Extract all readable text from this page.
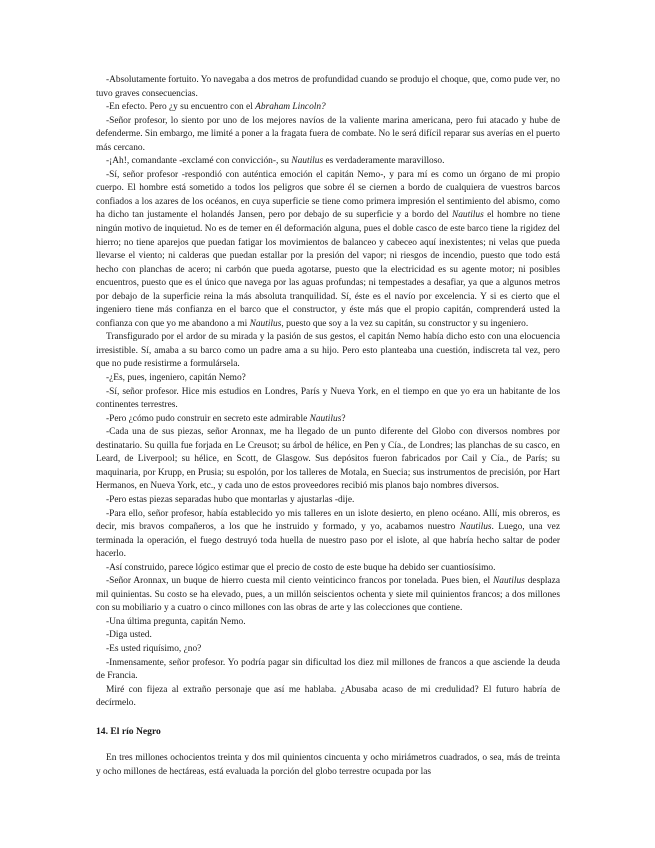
-Absolutamente fortuito. Yo navegaba a dos metros de profundidad cuando se produjo el choque, que, como pude ver, no tuvo graves consecuencias.

-En efecto. Pero ¿y su encuentro con el Abraham Lincoln?

-Señor profesor, lo siento por uno de los mejores navíos de la valiente marina americana, pero fui atacado y hube de defenderme. Sin embargo, me limité a poner a la fragata fuera de combate. No le será difícil reparar sus averías en el puerto más cercano.

-¡Ah!, comandante -exclamé con convicción-, su Nautilus es verdaderamente maravilloso.

-Sí, señor profesor -respondió con auténtica emoción el capitán Nemo-, y para mí es como un órgano de mi propio cuerpo. El hombre está sometido a todos los peligros que sobre él se ciernen a bordo de cualquiera de vuestros barcos confiados a los azares de los océanos, en cuya superficie se tiene como primera impresión el sentimiento del abismo, como ha dicho tan justamente el holandés Jansen, pero por debajo de su superficie y a bordo del Nautilus el hombre no tiene ningún motivo de inquietud. No es de temer en él deformación alguna, pues el doble casco de este barco tiene la rigidez del hierro; no tiene aparejos que puedan fatigar los movimientos de balanceo y cabeceo aquí inexistentes; ni velas que pueda llevarse el viento; ni calderas que puedan estallar por la presión del vapor; ni riesgos de incendio, puesto que todo está hecho con planchas de acero; ni carbón que pueda agotarse, puesto que la electricidad es su agente motor; ni posibles encuentros, puesto que es el único que navega por las aguas profundas; ni tempestades a desafiar, ya que a algunos metros por debajo de la superficie reina la más absoluta tranquilidad. Sí, éste es el navío por excelencia. Y si es cierto que el ingeniero tiene más confianza en el barco que el constructor, y éste más que el propio capitán, comprenderá usted la confianza con que yo me abandono a mi Nautilus, puesto que soy a la vez su capitán, su constructor y su ingeniero.

Transfigurado por el ardor de su mirada y la pasión de sus gestos, el capitán Nemo había dicho esto con una elocuencia irresistible. Sí, amaba a su barco como un padre ama a su hijo. Pero esto planteaba una cuestión, indiscreta tal vez, pero que no pude resistirme a formulársela.

-¿Es, pues, ingeniero, capitán Nemo?

-Sí, señor profesor. Hice mis estudios en Londres, París y Nueva York, en el tiempo en que yo era un habitante de los continentes terrestres.

-Pero ¿cómo pudo construir en secreto este admirable Nautilus?

-Cada una de sus piezas, señor Aronnax, me ha llegado de un punto diferente del Globo con diversos nombres por destinatario. Su quilla fue forjada en Le Creusot; su árbol de hélice, en Pen y Cía., de Londres; las planchas de su casco, en Leard, de Liverpool; su hélice, en Scott, de Glasgow. Sus depósitos fueron fabricados por Cail y Cía., de París; su maquinaria, por Krupp, en Prusia; su espolón, por los talleres de Motala, en Suecia; sus instrumentos de precisión, por Hart Hermanos, en Nueva York, etc., y cada uno de estos proveedores recibió mis planos bajo nombres diversos.

-Pero estas piezas separadas hubo que montarlas y ajustarlas -dije.

-Para ello, señor profesor, había establecido yo mis talleres en un islote desierto, en pleno océano. Allí, mis obreros, es decir, mis bravos compañeros, a los que he instruido y formado, y yo, acabamos nuestro Nautilus. Luego, una vez terminada la operación, el fuego destruyó toda huella de nuestro paso por el islote, al que habría hecho saltar de poder hacerlo.

-Así construido, parece lógico estimar que el precio de costo de este buque ha debido ser cuantiosísimo.

-Señor Aronnax, un buque de hierro cuesta mil ciento veinticinco francos por tonelada. Pues bien, el Nautilus desplaza mil quinientas. Su costo se ha elevado, pues, a un millón seiscientos ochenta y siete mil quinientos francos; a dos millones con su mobiliario y a cuatro o cinco millones con las obras de arte y las colecciones que contiene.

-Una última pregunta, capitán Nemo.

-Diga usted.

-Es usted riquísimo, ¿no?

-Inmensamente, señor profesor. Yo podría pagar sin dificultad los diez mil millones de francos a que asciende la deuda de Francia.

Miré con fijeza al extraño personaje que así me hablaba. ¿Abusaba acaso de mi credulidad? El futuro habría de decírmelo.

14. El río Negro

En tres millones ochocientos treinta y dos mil quinientos cincuenta y ocho miriámetros cuadrados, o sea, más de treinta y ocho millones de hectáreas, está evaluada la porción del globo terrestre ocupada por las
